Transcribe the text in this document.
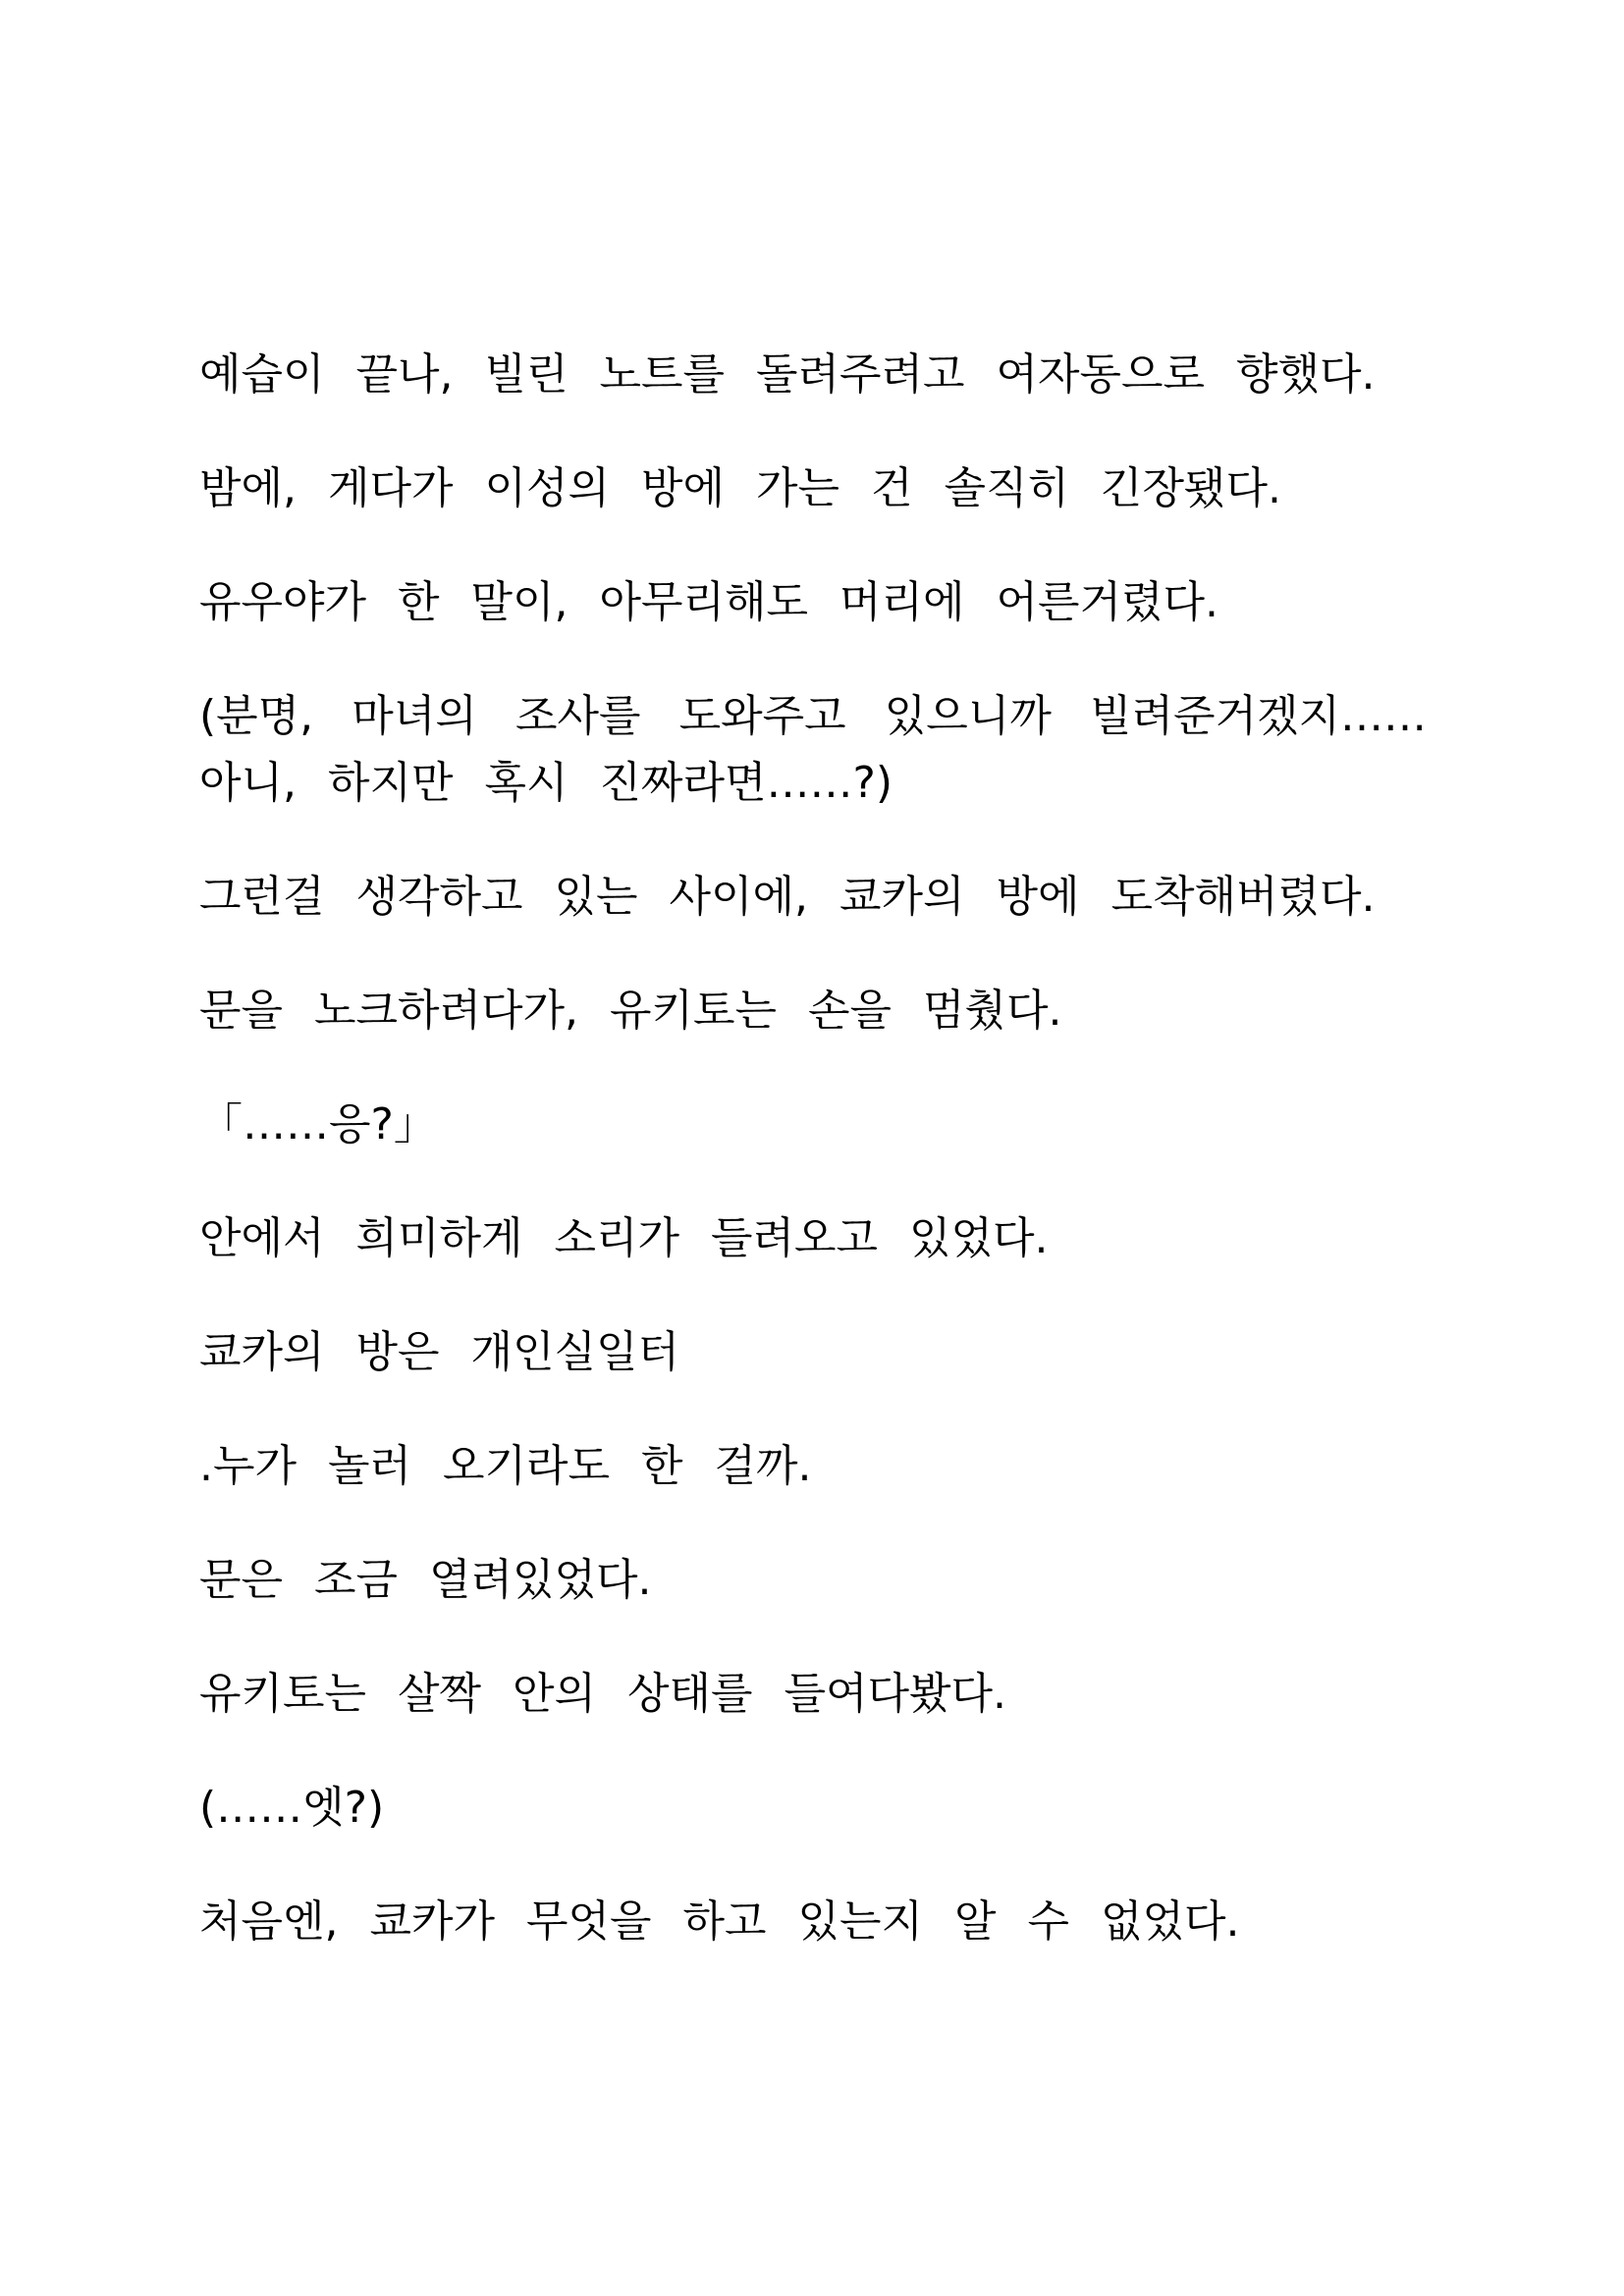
예습이 끝나, 빌린 노트를 돌려주려고 여자동으로 향했다.

밤에, 게다가 이성의 방에 가는 건 솔직히 긴장됐다.

유우야가 한 말이, 아무리해도 머리에 어른거렸다.

(분명, 마녀의 조사를 도와주고 있으니까 빌려준거겠지……아니, 하지만 혹시 진짜라면……?)

그런걸 생각하고 있는 사이에, 쿄카의 방에 도착해버렸다.

문을 노크하려다가, 유키토는 손을 멈췄다.

「……응?」

안에서 희미하게 소리가 들려오고 있었다.

쿄카의 방은 개인실일터

.누가 놀러 오기라도 한 걸까.

문은 조금 열려있었다.

유키토는 살짝 안의 상태를 들여다봤다.

(……엣?)

처음엔, 쿄카가 무엇을 하고 있는지 알 수 없었다.
